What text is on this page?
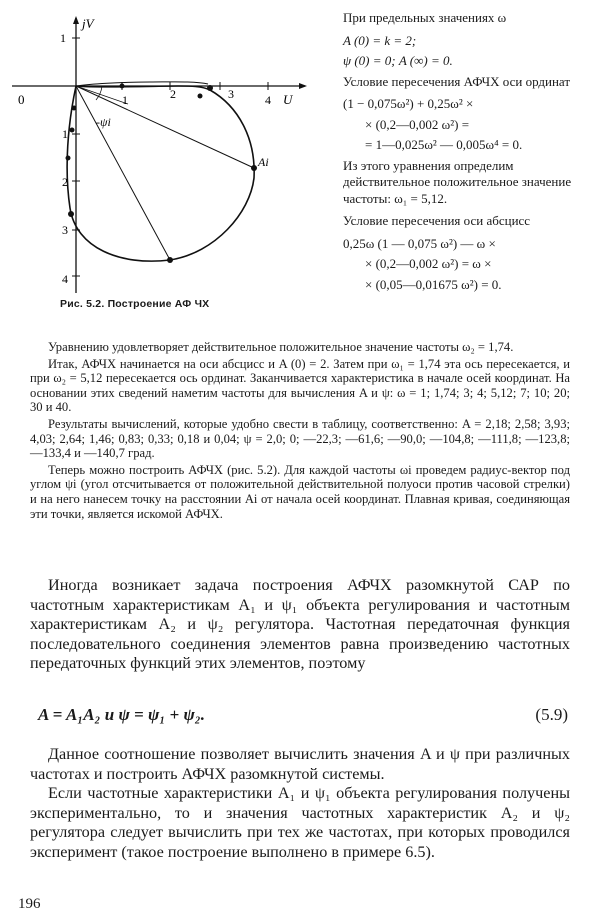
jV
U
0	1	2	3	4
1
1
2
3
4
-ψi
Ai
Рис. 5.2. Построение АФ ЧХ

При предельных значениях ω

A (0) = k = 2;

ψ (0) = 0; A (∞) = 0.

Условие пересечения АФЧХ оси ординат

(1 − 0,075ω²) + 0,25ω² ×

× (0,2—0,002 ω²) =

= 1—0,025ω² — 0,005ω⁴ = 0.

Из этого уравнения определим действительное положительное значение частоты: ω₁ = 5,12.

Условие пересечения оси абсцисс

0,25ω (1 — 0,075 ω²) — ω ×

× (0,2—0,002 ω²) = ω ×

× (0,05—0,01675 ω²) = 0.

Уравнению удовлетворяет действительное положительное значение частоты ω₂ = 1,74.

Итак, АФЧХ начинается на оси абсцисс и A (0) = 2. Затем при ω₁ = 1,74 эта ось пересекается, и при ω₂ = 5,12 пересекается ось ординат. Заканчивается характеристика в начале осей координат. На основании этих сведений наметим частоты для вычисления A и ψ: ω = 1; 1,74; 3; 4; 5,12; 7; 10; 20; 30 и 40.

Результаты вычислений, которые удобно свести в таблицу, соответственно: A = 2,18; 2,58; 3,93; 4,03; 2,64; 1,46; 0,83; 0,33; 0,18 и 0,04; ψ = 2,0; 0; —22,3; —61,6; —90,0; —104,8; —111,8; —123,8; —133,4 и —140,7 град.

Теперь можно построить АФЧХ (рис. 5.2). Для каждой частоты ωi проведем радиус-вектор под углом ψi (угол отсчитывается от положительной действительной полуоси против часовой стрелки) и на него нанесем точку на расстоянии Ai от начала осей координат. Плавная кривая, соединяющая эти точки, является искомой АФЧХ.

Иногда возникает задача построения АФЧХ разомкнутой САР по частотным характеристикам A₁ и ψ₁ объекта регулирования и частотным характеристикам A₂ и ψ₂ регулятора. Частотная передаточная функция последовательного соединения элементов равна произведению частотных передаточных функций этих элементов, поэтому

A = A₁A₂ и ψ = ψ₁ + ψ₂.	(5.9)

Данное соотношение позволяет вычислить значения A и ψ при различных частотах и построить АФЧХ разомкнутой системы.

Если частотные характеристики A₁ и ψ₁ объекта регулирования получены экспериментально, то и значения частотных характеристик A₂ и ψ₂ регулятора следует вычислить при тех же частотах, при которых проводился эксперимент (такое построение выполнено в примере 6.5).

196
